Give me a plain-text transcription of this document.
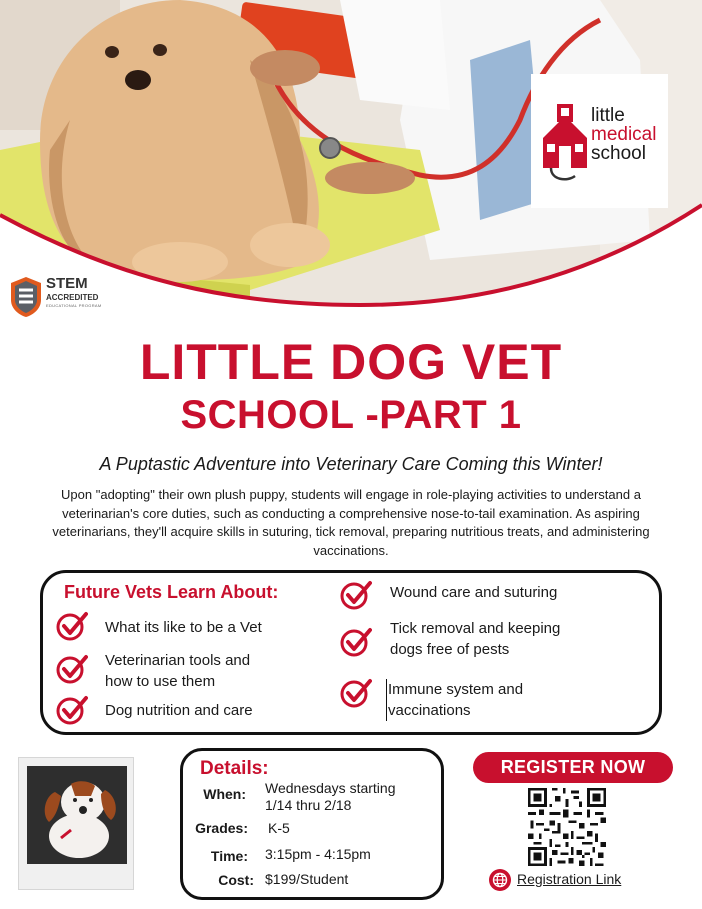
little
medical
school
STEM
ACCREDITED
EDUCATIONAL PROGRAM
LITTLE DOG VET
SCHOOL -PART 1
A Puptastic Adventure into Veterinary Care Coming this Winter!
Upon "adopting" their own plush puppy, students will engage in role-playing activities to understand a veterinarian's core duties, such as conducting a comprehensive nose-to-tail examination. As aspiring veterinarians, they'll acquire skills in suturing, tick removal, preparing nutritious treats, and administering vaccinations.
Future Vets Learn About:
What its like to be a Vet
Veterinarian tools and
how to use them
Dog nutrition and care
Wound care and suturing
Tick removal and keeping
dogs free of pests
Immune system and
vaccinations
Details:
When: Wednesdays starting
1/14 thru 2/18
Grades: K-5
Time: 3:15pm - 4:15pm
Cost: $199/Student
REGISTER NOW
Registration Link
